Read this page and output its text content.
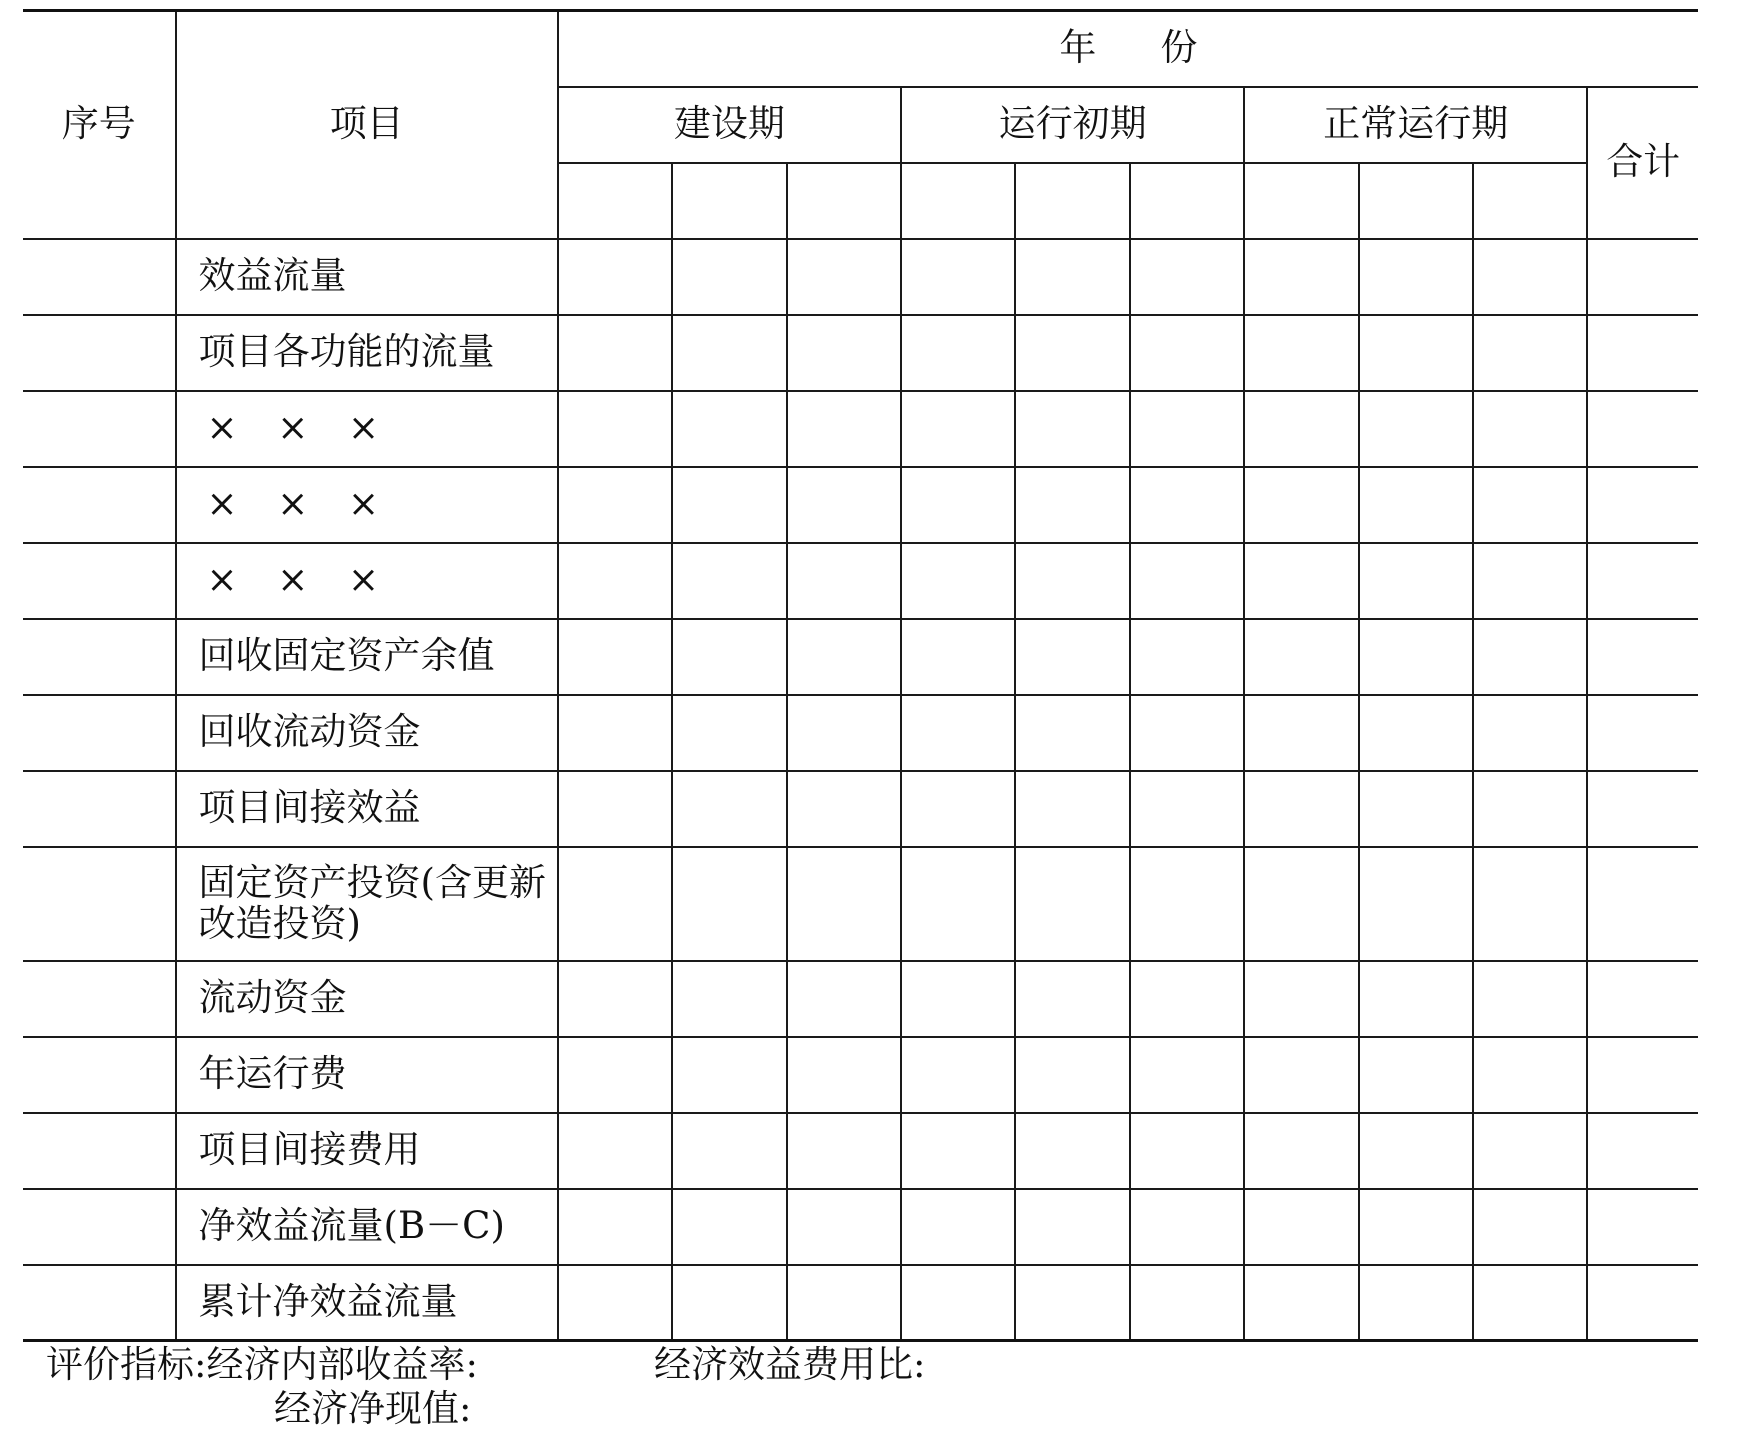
序号	项目	年份									
		建设期			运行初期			正常运行期			合计

	效益流量										
	项目各功能的流量										
	× × ×										
	× × ×										
	× × ×										
	回收固定资产余值										
	回收流动资金										
	项目间接效益										
	固定资产投资(含更新改造投资)										
	流动资金										
	年运行费										
	项目间接费用										
	净效益流量(B－C)										
	累计净效益流量										
评价指标:经济内部收益率:	经济效益费用比:
经济净现值:
